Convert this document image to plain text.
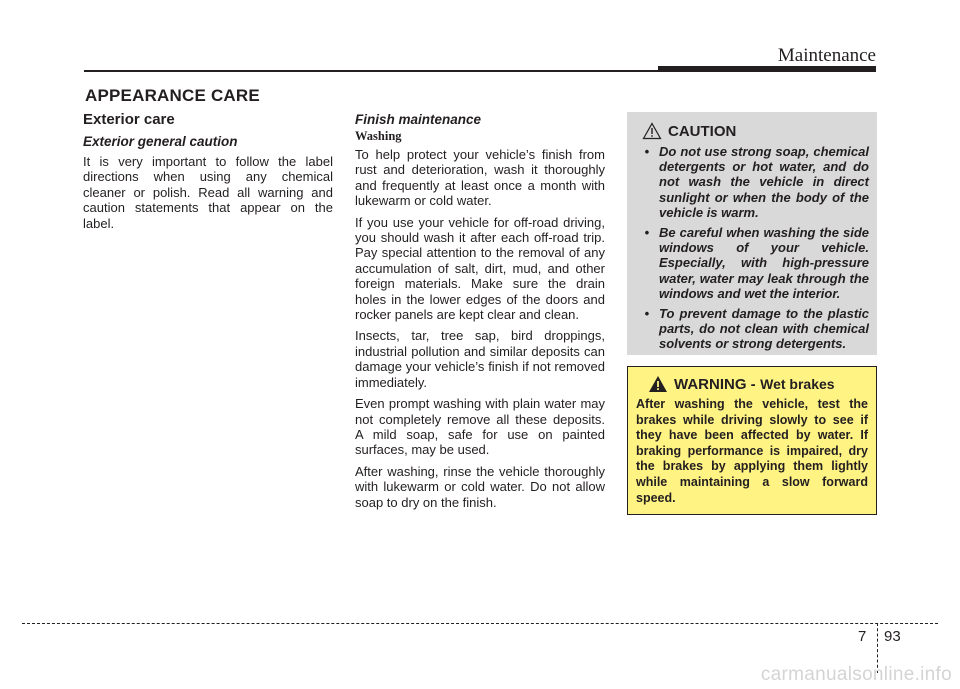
Maintenance
APPEARANCE CARE
Exterior care
Exterior general caution

It is very important to follow the label directions when using any chemical cleaner or polish. Read all warning and caution statements that appear on the label.

Finish maintenance
Washing

To help protect your vehicle’s finish from rust and deterioration, wash it thoroughly and frequently at least once a month with lukewarm or cold water.

If you use your vehicle for off-road driving, you should wash it after each off-road trip. Pay special attention to the removal of any accumulation of salt, dirt, mud, and other foreign materials. Make sure the drain holes in the lower edges of the doors and rocker panels are kept clear and clean.

Insects, tar, tree sap, bird droppings, industrial pollution and similar deposits can damage your vehicle’s finish if not removed immediately.

Even prompt washing with plain water may not completely remove all these deposits. A mild soap, safe for use on painted surfaces, may be used.

After washing, rinse the vehicle thoroughly with lukewarm or cold water. Do not allow soap to dry on the finish.

CAUTION
• Do not use strong soap, chemical detergents or hot water, and do not wash the vehicle in direct sunlight or when the body of the vehicle is warm.
• Be careful when washing the side windows of your vehicle. Especially, with high-pressure water, water may leak through the windows and wet the interior.
• To prevent damage to the plastic parts, do not clean with chemical solvents or strong detergents.
WARNING -
Wet brakes

After washing the vehicle, test the brakes while driving slowly to see if they have been affected by water. If braking performance is impaired, dry the brakes by applying them lightly while maintaining a slow forward speed.

7 93
carmanualsonline.info
